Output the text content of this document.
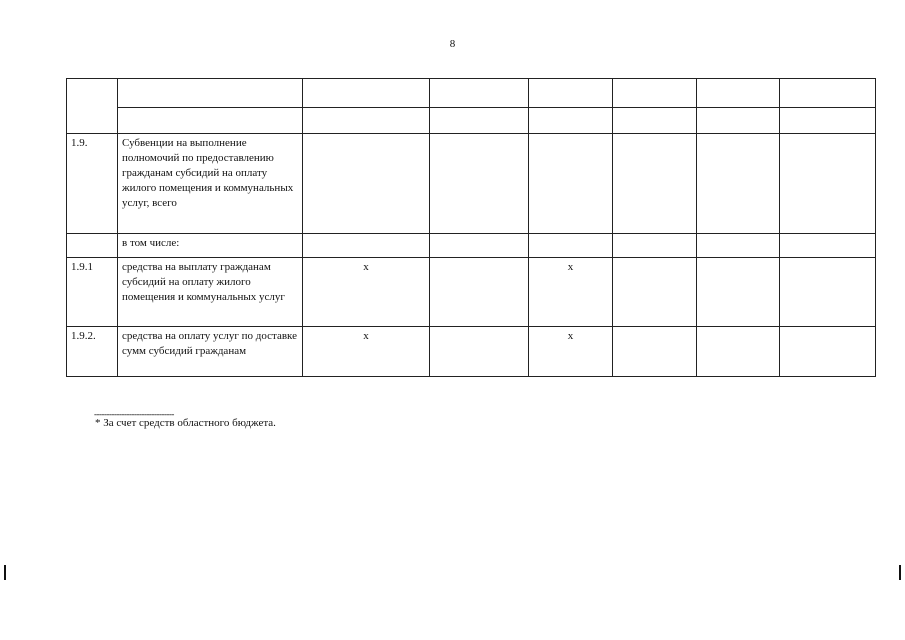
8

1.9.	Субвенции на выполнение полномочий по предоставлению гражданам субсидий на оплату жилого помещения и коммунальных услуг, всего						
	в том числе:						
1.9.1	средства на выплату гражданам субсидий на оплату жилого помещения и коммунальных услуг	х		х			
1.9.2.	средства на оплату услуг по доставке сумм субсидий гражданам	х		х			
--------------------------------
* За счет средств областного бюджета.
